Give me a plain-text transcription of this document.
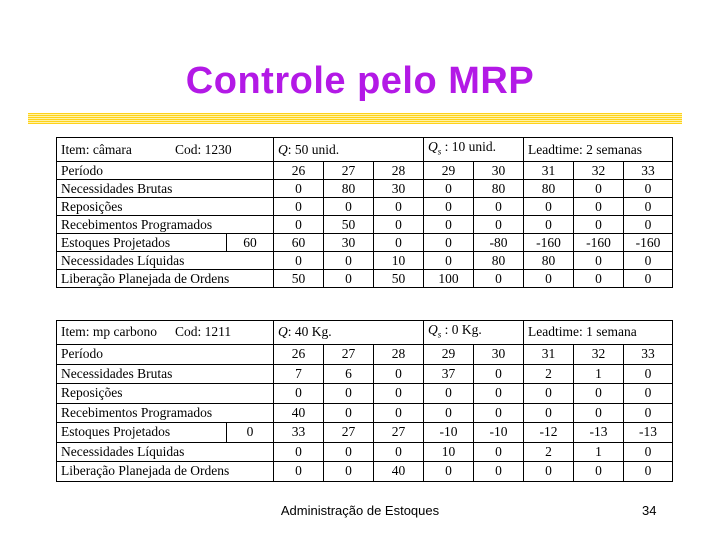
Controle pelo MRP
Item: câmara Cod: 1230		Q: 50 unid.			$Q_s$ : 10 unid.		Leadtime: 2 semanas		
Período		26	27	28	29	30	31	32	33
Necessidades Brutas		0	80	30	0	80	80	0	0
Reposições		0	0	0	0	0	0	0	0
Recebimentos Programados		0	50	0	0	0	0	0	0
Estoques Projetados	60	60	30	0	0	-80	-160	-160	-160
Necessidades Líquidas		0	0	10	0	80	80	0	0
Liberação Planejada de Ordens		50	0	50	100	0	0	0	0
Item: mp carbono Cod: 1211		Q: 40 Kg.			$Q_s$ : 0 Kg.		Leadtime: 1 semana		
Período		26	27	28	29	30	31	32	33
Necessidades Brutas		7	6	0	37	0	2	1	0
Reposições		0	0	0	0	0	0	0	0
Recebimentos Programados		40	0	0	0	0	0	0	0
Estoques Projetados	0	33	27	27	-10	-10	-12	-13	-13
Necessidades Líquidas		0	0	0	10	0	2	1	0
Liberação Planejada de Ordens		0	0	40	0	0	0	0	0
Administração de Estoques	34
